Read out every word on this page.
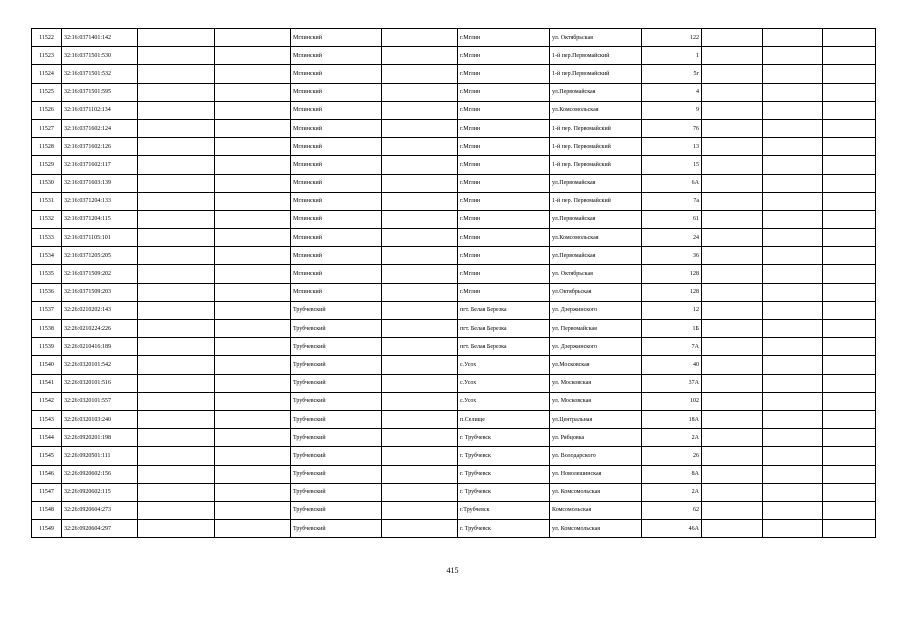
11522	32:16:0371401:142			Мглинский		г.Мглин	ул. Октябрьская	122			
11523	32:16:0371501:530			Мглинский		г.Мглин	1-й пер.Первомайский	1			
11524	32:16:0371501:532			Мглинский		г.Мглин	1-й пер.Первомайский	5г			
11525	32:16:0371501:595			Мглинский		г.Мглин	ул.Первомайская	4			
11526	32:16:0371102:134			Мглинский		г.Мглин	ул.Комсомольская	9			
11527	32:16:0371602:124			Мглинский		г.Мглин	1-й пер. Первомайский	76			
11528	32:16:0371602:126			Мглинский		г.Мглин	1-й пер. Первомайский	13			
11529	32:16:0371602:117			Мглинский		г.Мглин	1-й пер. Первомайский	15			
11530	32:16:0371603:139			Мглинский		г.Мглин	ул.Первомайская	6А			
11531	32:16:0371204:133			Мглинский		г.Мглин	1-й пер. Первомайский	7а			
11532	32:16:0371204:115			Мглинский		г.Мглин	ул.Первомайская	61			
11533	32:16:0371105:101			Мглинский		г.Мглин	ул.Комсомольская	24			
11534	32:16:0371205:205			Мглинский		г.Мглин	ул.Первомайская	36			
11535	32:16:0371509:202			Мглинский		г.Мглин	ул. Октябрьская	128			
11536	32:16:0371509:203			Мглинский		г.Мглин	ул.Октябрьская	128			
11537	32:26:0210202:143			Трубчевский		пгт. Белая Березка	ул. Дзержинского	12			
11538	32:26:0210224:226			Трубчевский		пгт. Белая Березка	ул. Первомайская	1Б			
11539	32:26:0210416:189			Трубчевский		пгт. Белая Березка	ул. Дзержинского	7А			
11540	32:26:0320101:542			Трубчевский		с.Усох	ул.Московская	40			
11541	32:26:0320101:516			Трубчевский		с.Усох	ул. Московская	37А			
11542	32:26:0320101:557			Трубчевский		с.Усох	ул. Московская	102			
11543	32:26:0320103:240			Трубчевский		п.Селище	ул.Центральная	18А			
11544	32:26:0920201:198			Трубчевский		г. Трубчевск	ул. Рябцовка	2А			
11545	32:26:0920501:111			Трубчевский		г. Трубчевск	ул. Володарского	26			
11546	32:26:0920602:156			Трубчевский		г. Трубчевск	ул. Новолешинская	8А			
11547	32:26:0920602:115			Трубчевский		г. Трубчевск	ул. Комсомольская	2А			
11548	32:26:0920604:273			Трубчевский		г.Трубчевск	Комсомольская	62			
11549	32:26:0920604:297			Трубчевский		г. Трубчевск	ул. Комсомольская	46А			
415
